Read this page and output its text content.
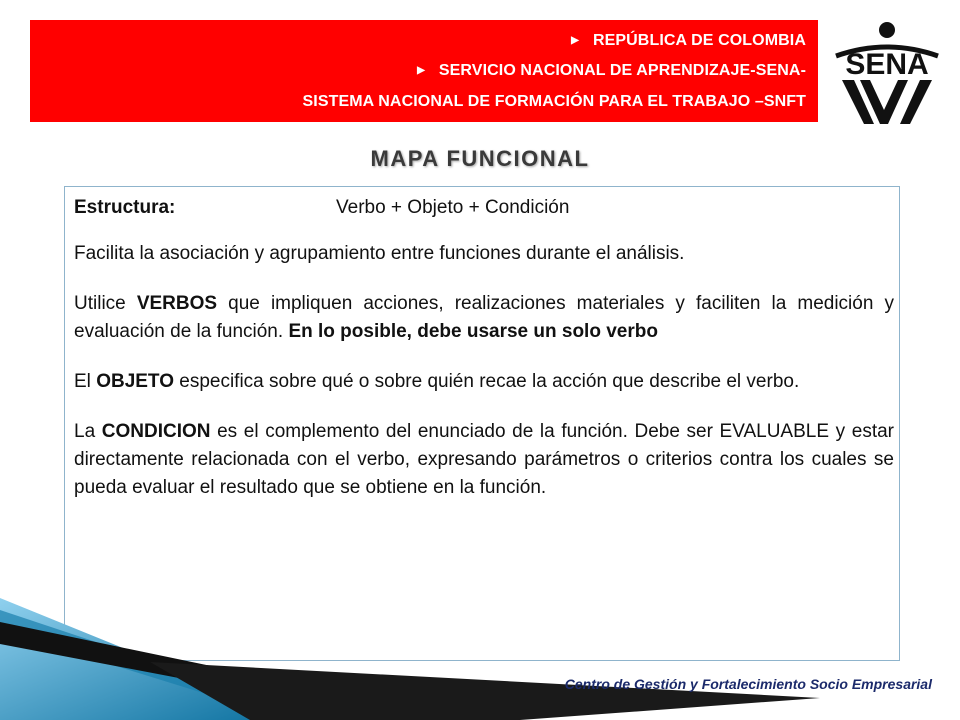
▶ REPÚBLICA DE COLOMBIA
▶ SERVICIO NACIONAL DE APRENDIZAJE-SENA-
SISTEMA NACIONAL DE FORMACIÓN PARA EL TRABAJO –SNFT
SENA
MAPA FUNCIONAL

Estructura:	Verbo + Objeto + Condición

Facilita la asociación y agrupamiento entre funciones durante el análisis.

Utilice VERBOS que impliquen acciones, realizaciones materiales y faciliten la medición y evaluación de la función. En lo posible, debe usarse un solo verbo

El OBJETO especifica sobre qué o sobre quién recae la acción que describe el verbo.

La CONDICION es el complemento del enunciado de la función. Debe ser EVALUABLE y estar directamente relacionada con el verbo, expresando parámetros o criterios contra los cuales se pueda evaluar el resultado que se obtiene en la función.

Centro de Gestión y Fortalecimiento Socio Empresarial
